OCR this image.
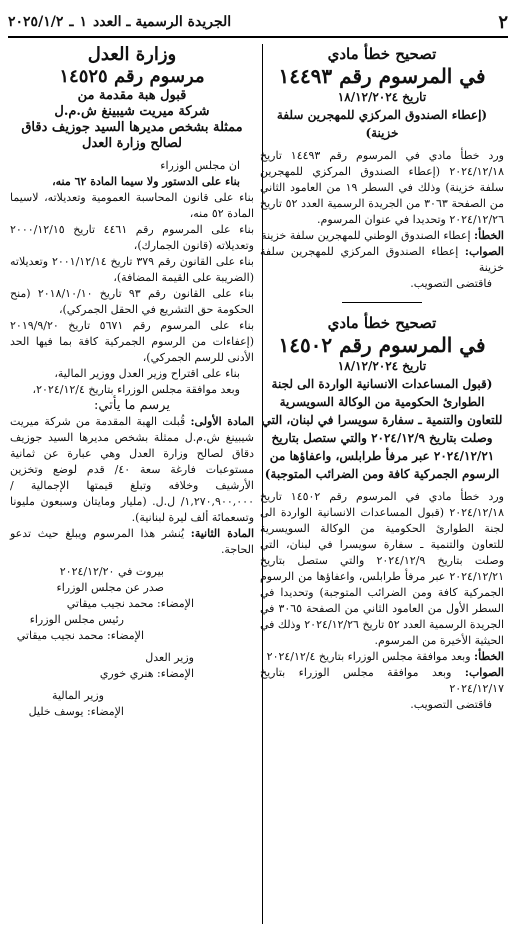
٢
الجريدة الرسمية ـ العدد
١
ـ
٢٠٢٥/١/٢
تصحيح خطأ مادي
في المرسوم رقم ١٤٤٩٣
تاريخ ١٨/١٢/٢٠٢٤
(إعطاء الصندوق المركزي للمهجرين سلفة خزينة)

ورد خطأ مادي في المرسوم رقم ١٤٤٩٣ تاريخ ٢٠٢٤/١٢/١٨ (إعطاء الصندوق المركزي للمهجرين سلفة خزينة) وذلك في السطر ١٩ من العامود الثاني من الصفحة ٣٠٦٣ من الجريدة الرسمية العدد ٥٢ تاريخ ٢٠٢٤/١٢/٢٦ وتحديدا في عنوان المرسوم.

الخطأ: إعطاء الصندوق الوطني للمهجرين سلفة خزينة

الصواب: إعطاء الصندوق المركزي للمهجرين سلفة خزينة

فاقتضى التصويب.

تصحيح خطأ مادي
في المرسوم رقم ١٤٥٠٢
تاريخ ١٨/١٢/٢٠٢٤
(قبول المساعدات الانسانية الواردة الى لجنة الطوارئ الحكومية من الوكالة السويسرية للتعاون والتنمية ـ سفارة سويسرا في لبنان، التي وصلت بتاريخ ٢٠٢٤/١٢/٩ والتي ستصل بتاريخ ٢٠٢٤/١٢/٢١ عبر مرفأ طرابلس، واعفاؤها من الرسوم الجمركية كافة ومن الضرائب المتوجبة)

ورد خطأ مادي في المرسوم رقم ١٤٥٠٢ تاريخ ٢٠٢٤/١٢/١٨ (قبول المساعدات الانسانية الواردة الى لجنة الطوارئ الحكومية من الوكالة السويسرية للتعاون والتنمية ـ سفارة سويسرا في لبنان، التي وصلت بتاريخ ٢٠٢٤/١٢/٩ والتي ستصل بتاريخ ٢٠٢٤/١٢/٢١ عبر مرفأ طرابلس، واعفاؤها من الرسوم الجمركية كافة ومن الضرائب المتوجبة) وتحديدا في السطر الأول من العامود الثاني من الصفحة ٣٠٦٥ في الجريدة الرسمية العدد ٥٢ تاريخ ٢٠٢٤/١٢/٢٦ وذلك في الحيثية الأخيرة من المرسوم.

الخطأ: وبعد موافقة مجلس الوزراء بتاريخ ٢٠٢٤/١٢/٤

الصواب: وبعد موافقة مجلس الوزراء بتاريخ ٢٠٢٤/١٢/١٧

فاقتضى التصويب.

وزارة العدل
مرسوم رقم ١٤٥٢٥
قبول هبة مقدمة من
شركة ميريت شيبينغ ش.م.ل
ممثلة بشخص مديرها السيد جوزيف دقاق
لصالح وزارة العدل

ان مجلس الوزراء

بناء على الدستور ولا سيما المادة ٦٢ منه،

بناء على قانون المحاسبة العمومية وتعديلاته، لاسيما المادة ٥٢ منه،

بناء على المرسوم رقم ٤٤٦١ تاريخ ٢٠٠٠/١٢/١٥ وتعديلاته (قانون الجمارك)،

بناء على القانون رقم ٣٧٩ تاريخ ٢٠٠١/١٢/١٤ وتعديلاته (الضريبة على القيمة المضافة)،

بناء على القانون رقم ٩٣ تاريخ ٢٠١٨/١٠/١٠ (منح الحكومة حق التشريع في الحقل الجمركي)،

بناء على المرسوم رقم ٥٦٧١ تاريخ ٢٠١٩/٩/٢٠ (إعفاءات من الرسوم الجمركية كافة بما فيها الحد الأدنى للرسم الجمركي)،

بناء على اقتراح وزير العدل ووزير المالية،

وبعد موافقة مجلس الوزراء بتاريخ ٢٠٢٤/١٢/٤،

يرسم ما يأتي:

المادة الأولى: قُبلت الهبة المقدمة من شركة ميريت شيبينغ ش.م.ل ممثلة بشخص مديرها السيد جوزيف دقاق لصالح وزارة العدل وهي عبارة عن ثمانية مستوعبات فارغة سعة ٤٠/ قدم لوضع وتخزين الأرشيف وخلافه وتبلغ قيمتها الإجمالية /١,٢٧٠,٩٠٠,٠٠٠/ ل.ل. (مليار ومايتان وسبعون مليونا وتسعمائة ألف ليرة لبنانية).

المادة الثانية: يُنشر هذا المرسوم ويبلغ حيث تدعو الحاجة.

بيروت في ٢٠٢٤/١٢/٢٠

صدر عن مجلس الوزراء

الإمضاء: محمد نجيب ميقاتي

رئيس مجلس الوزراء

الإمضاء: محمد نجيب ميقاتي

وزير العدل

الإمضاء: هنري خوري

وزير المالية

الإمضاء: يوسف خليل
